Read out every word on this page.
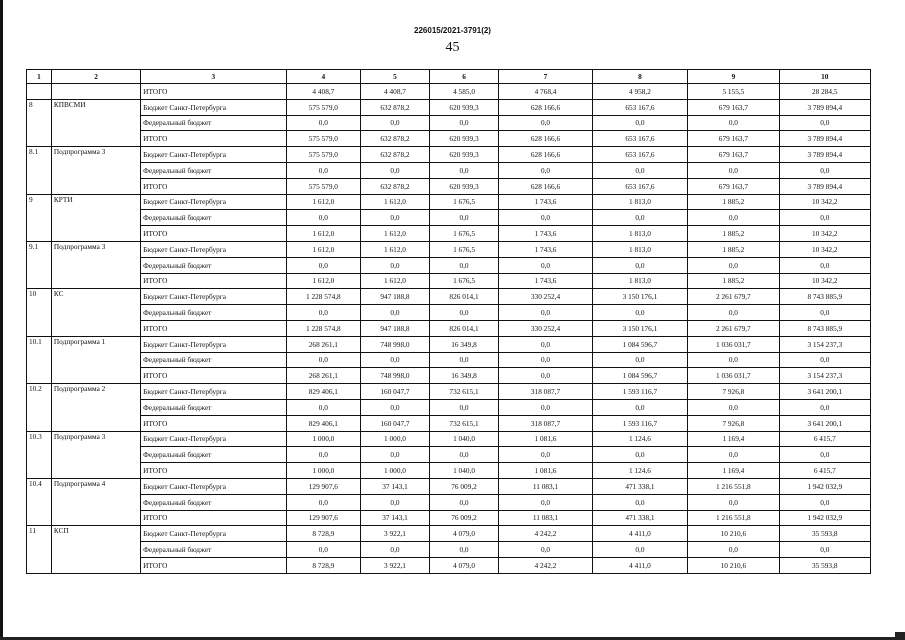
226015/2021-3791(2)
45
1	2	3	4	5	6	7	8	9	10
		ИТОГО	4 408,7	4 408,7	4 585,0	4 768,4	4 958,2	5 155,5	28 284,5
8	КПВСМИ	Бюджет Санкт-Петербурга	575 579,0	632 878,2	620 939,3	628 166,6	653 167,6	679 163,7	3 789 894,4
		Федеральный бюджет	0,0	0,0	0,0	0,0	0,0	0,0	0,0
		ИТОГО	575 579,0	632 878,2	620 939,3	628 166,6	653 167,6	679 163,7	3 789 894,4
8.1	Подпрограмма 3	Бюджет Санкт-Петербурга	575 579,0	632 878,2	620 939,3	628 166,6	653 167,6	679 163,7	3 789 894,4
		Федеральный бюджет	0,0	0,0	0,0	0,0	0,0	0,0	0,0
		ИТОГО	575 579,0	632 878,2	620 939,3	628 166,6	653 167,6	679 163,7	3 789 894,4
9	КРТИ	Бюджет Санкт-Петербурга	1 612,0	1 612,0	1 676,5	1 743,6	1 813,0	1 885,2	10 342,2
		Федеральный бюджет	0,0	0,0	0,0	0,0	0,0	0,0	0,0
		ИТОГО	1 612,0	1 612,0	1 676,5	1 743,6	1 813,0	1 885,2	10 342,2
9.1	Подпрограмма 3	Бюджет Санкт-Петербурга	1 612,0	1 612,0	1 676,5	1 743,6	1 813,0	1 885,2	10 342,2
		Федеральный бюджет	0,0	0,0	0,0	0,0	0,0	0,0	0,0
		ИТОГО	1 612,0	1 612,0	1 676,5	1 743,6	1 813,0	1 885,2	10 342,2
10	КС	Бюджет Санкт-Петербурга	1 228 574,8	947 188,8	826 014,1	330 252,4	3 150 176,1	2 261 679,7	8 743 885,9
		Федеральный бюджет	0,0	0,0	0,0	0,0	0,0	0,0	0,0
		ИТОГО	1 228 574,8	947 188,8	826 014,1	330 252,4	3 150 176,1	2 261 679,7	8 743 885,9
10.1	Подпрограмма 1	Бюджет Санкт-Петербурга	268 261,1	748 998,0	16 349,8	0,0	1 084 596,7	1 036 031,7	3 154 237,3
		Федеральный бюджет	0,0	0,0	0,0	0,0	0,0	0,0	0,0
		ИТОГО	268 261,1	748 998,0	16 349,8	0,0	1 084 596,7	1 036 031,7	3 154 237,3
10.2	Подпрограмма 2	Бюджет Санкт-Петербурга	829 406,1	160 047,7	732 615,1	318 087,7	1 593 116,7	7 926,8	3 641 200,1
		Федеральный бюджет	0,0	0,0	0,0	0,0	0,0	0,0	0,0
		ИТОГО	829 406,1	160 047,7	732 615,1	318 087,7	1 593 116,7	7 926,8	3 641 200,1
10.3	Подпрограмма 3	Бюджет Санкт-Петербурга	1 000,0	1 000,0	1 040,0	1 081,6	1 124,6	1 169,4	6 415,7
		Федеральный бюджет	0,0	0,0	0,0	0,0	0,0	0,0	0,0
		ИТОГО	1 000,0	1 000,0	1 040,0	1 081,6	1 124,6	1 169,4	6 415,7
10.4	Подпрограмма 4	Бюджет Санкт-Петербурга	129 907,6	37 143,1	76 009,2	11 083,1	471 338,1	1 216 551,8	1 942 032,9
		Федеральный бюджет	0,0	0,0	0,0	0,0	0,0	0,0	0,0
		ИТОГО	129 907,6	37 143,1	76 009,2	11 083,1	471 338,1	1 216 551,8	1 942 032,9
11	КСП	Бюджет Санкт-Петербурга	8 728,9	3 922,1	4 079,0	4 242,2	4 411,0	10 210,6	35 593,8
		Федеральный бюджет	0,0	0,0	0,0	0,0	0,0	0,0	0,0
		ИТОГО	8 728,9	3 922,1	4 079,0	4 242,2	4 411,0	10 210,6	35 593,8
